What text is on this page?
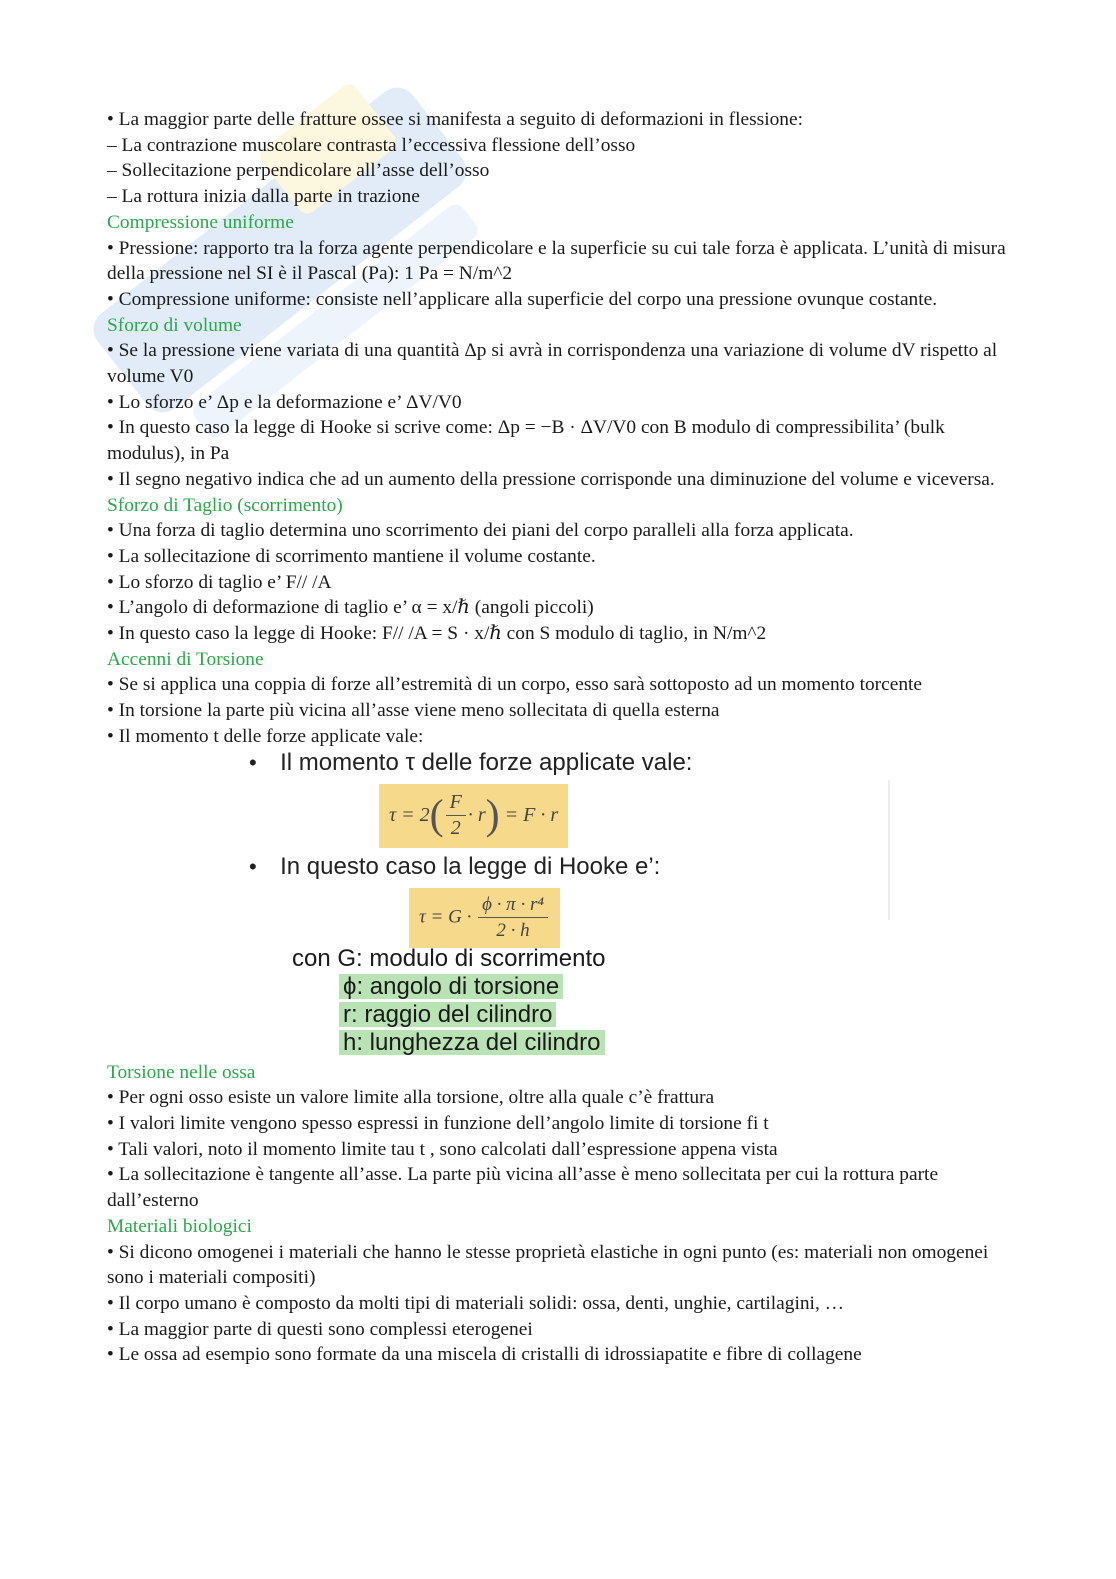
• La maggior parte delle fratture ossee si manifesta a seguito di deformazioni in flessione:

– La contrazione muscolare contrasta l’eccessiva flessione dell’osso

– Sollecitazione perpendicolare all’asse dell’osso

– La rottura inizia dalla parte in trazione

Compressione uniforme

• Pressione: rapporto tra la forza agente perpendicolare e la superficie su cui tale forza è applicata. L’unità di misura della pressione nel SI è il Pascal (Pa): 1 Pa = N/m^2

• Compressione uniforme: consiste nell’applicare alla superficie del corpo una pressione ovunque costante.

Sforzo di volume

• Se la pressione viene variata di una quantità Δp si avrà in corrispondenza una variazione di volume dV rispetto al volume V0

• Lo sforzo e’ Δp e la deformazione e’ ΔV/V0

• In questo caso la legge di Hooke si scrive come: Δp = −B · ΔV/V0 con B modulo di compressibilita’ (bulk modulus), in Pa

• Il segno negativo indica che ad un aumento della pressione corrisponde una diminuzione del volume e viceversa.

Sforzo di Taglio (scorrimento)

• Una forza di taglio determina uno scorrimento dei piani del corpo paralleli alla forza applicata.

• La sollecitazione di scorrimento mantiene il volume costante.

• Lo sforzo di taglio e’ F// /A

• L’angolo di deformazione di taglio e’ α = x/ℏ (angoli piccoli)

• In questo caso la legge di Hooke: F// /A = S · x/ℏ con S modulo di taglio, in N/m^2

Accenni di Torsione

• Se si applica una coppia di forze all’estremità di un corpo, esso sarà sottoposto ad un momento torcente

• In torsione la parte più vicina all’asse viene meno sollecitata di quella esterna

• Il momento t delle forze applicate vale:

• Il momento τ delle forze applicate vale:
$\tau = 2( \frac{F}{2} \cdot r) = F \cdot r$
• In questo caso la legge di Hooke e’:
$\tau = G \cdot \frac{\text{ϕ · π · r⁴}}{2 \cdot h}$
con G: modulo di scorrimento
ϕ: angolo di torsione
r: raggio del cilindro
h: lunghezza del cilindro

Torsione nelle ossa

• Per ogni osso esiste un valore limite alla torsione, oltre alla quale c’è frattura

• I valori limite vengono spesso espressi in funzione dell’angolo limite di torsione fi t

• Tali valori, noto il momento limite tau t , sono calcolati dall’espressione appena vista

• La sollecitazione è tangente all’asse. La parte più vicina all’asse è meno sollecitata per cui la rottura parte dall’esterno

Materiali biologici

• Si dicono omogenei i materiali che hanno le stesse proprietà elastiche in ogni punto (es: materiali non omogenei sono i materiali compositi)

• Il corpo umano è composto da molti tipi di materiali solidi: ossa, denti, unghie, cartilagini, …

• La maggior parte di questi sono complessi eterogenei

• Le ossa ad esempio sono formate da una miscela di cristalli di idrossiapatite e fibre di collagene
